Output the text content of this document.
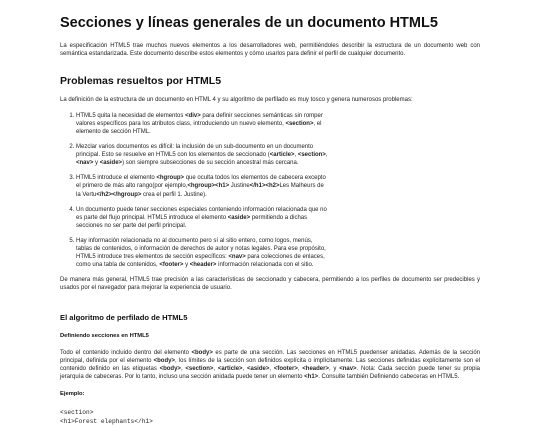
Secciones y líneas generales de un documento HTML5

La especificación HTML5 trae muchos nuevos elementos a los desarrolladores web, permitiéndoles describir la estructura de un documento web con semántica estandarizada. Este documento describe estos elementos y cómo usarlos para definir el perfil de cualquier documento.

Problemas resueltos por HTML5

La definición de la estructura de un documento en HTML 4 y su algoritmo de perfilado es muy tosco y genera numerosos problemas:

1. HTML5 quita la necesidad de elementos <div> para definir secciones semánticas sin romper valores específicos para los atributos class, introduciendo un nuevo elemento, <section>, el elemento de sección HTML.
2. Mezclar varios documentos es difícil: la inclusión de un sub-documento en un documento principal. Esto se resuelve en HTML5 con los elementos de seccionado (<article>, <section>, <nav> y <aside>) son siempre subsecciones de su sección ancestral más cercana.
3. HTML5 introduce el elemento <hgroup> que oculta todos los elementos de cabecera excepto el primero de más alto rango(por ejemplo,<hgroup><h1> Justine</h1><h2>Les Malheurs de la Vertu</h2></hgroup> crea el perfil 1. Justine).
4. Un documento puede tener secciones especiales conteniendo información relacionada que no es parte del flujo principal. HTML5 introduce el elemento <aside> permitiendo a dichas secciones no ser parte del perfil principal.
5. Hay información relacionada no al documento pero sí al sitio entero, como logos, menús, tablas de contenidos, o información de derechos de autor y notas legales. Para ese propósito, HTML5 introduce tres elementos de sección específicos: <nav> para colecciones de enlaces, como una tabla de contenidos, <footer> y <header> información relacionada con el sitio.

De manera más general, HTML5 trae precisión a las características de seccionado y cabecera, permitiendo a los perfiles de documento ser predecibles y usados por el navegador para mejorar la experiencia de usuario.

El algoritmo de perfilado de HTML5
Definiendo secciones en HTML5

Todo el contenido incluido dentro del elemento <body> es parte de una sección. Las secciones en HTML5 puedenser anidadas. Además de la sección principal, definida por el elemento <body>, los límites de la sección son definidos explícita o implícitamente. Las secciones definidas explícitamente son el contenido definido en las etiquetas <body>, <section>, <article>, <aside>, <footer>, <header>, y <nav>. Nota: Cada sección puede tener su propia jerarquía de cabeceras. Por lo tanto, incluso una sección anidada puede tener un elemento <h1>. Consulte también Definiendo cabeceras en HTML5.

Ejemplo:
<section>
<h1>Forest elephants</h1>
